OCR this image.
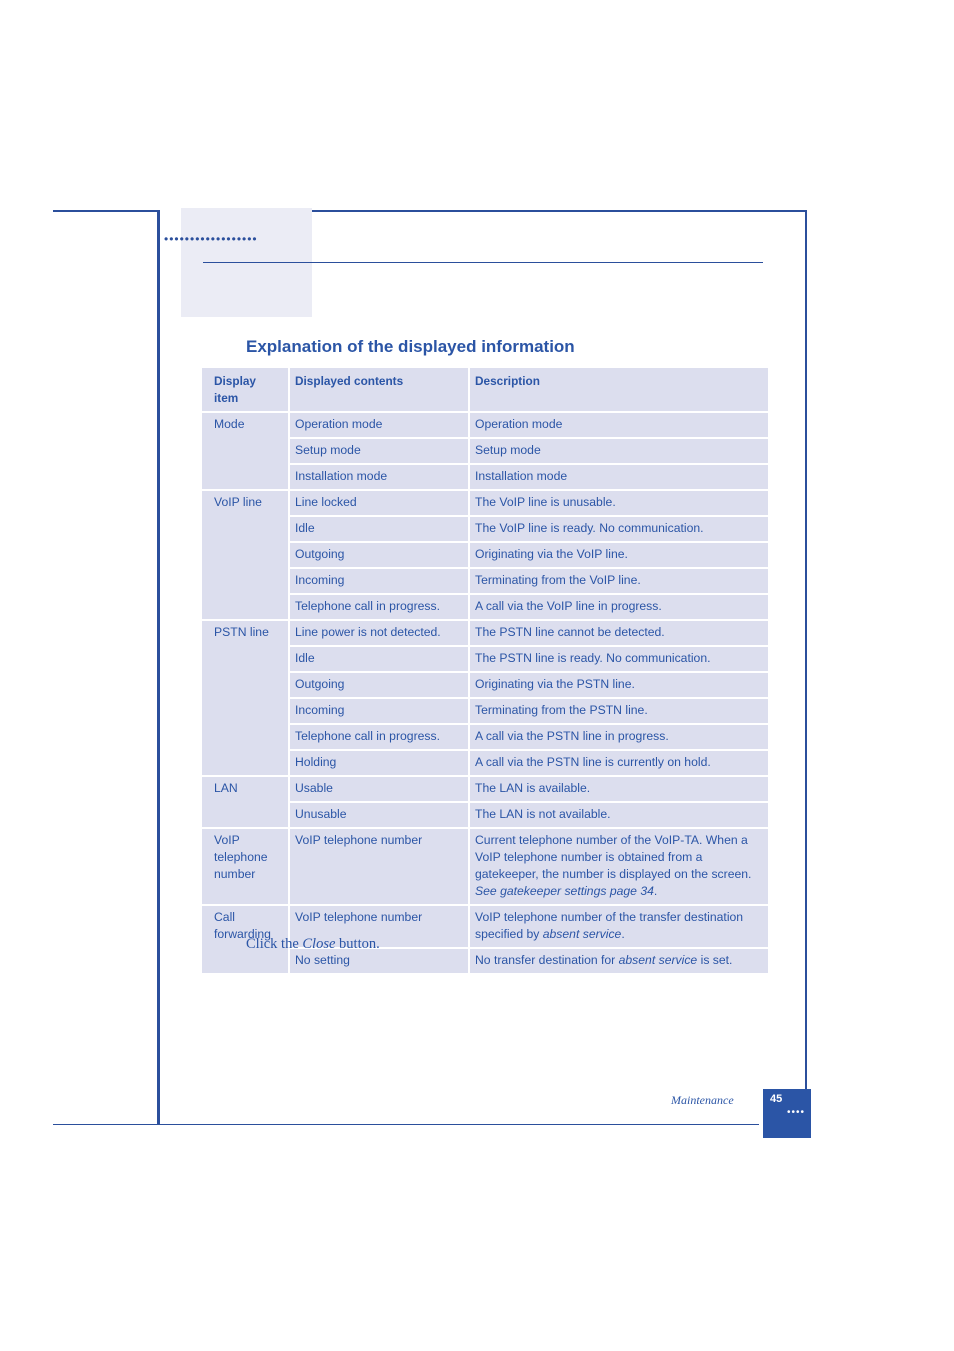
••••••••••••••••••
Explanation of the displayed information
Display item	Displayed contents	Description
Mode	Operation mode	Operation mode
	Setup mode	Setup mode
	Installation mode	Installation mode
VoIP line	Line locked	The VoIP line is unusable.
	Idle	The VoIP line is ready. No communication.
	Outgoing	Originating via the VoIP line.
	Incoming	Terminating from the VoIP line.
	Telephone call in progress.	A call via the VoIP line in progress.
PSTN line	Line power is not detected.	The PSTN line cannot be detected.
	Idle	The PSTN line is ready. No communication.
	Outgoing	Originating via the PSTN line.
	Incoming	Terminating from the PSTN line.
	Telephone call in progress.	A call via the PSTN line in progress.
	Holding	A call via the PSTN line is currently on hold.
LAN	Usable	The LAN is available.
	Unusable	The LAN is not available.
VoIP telephone number	VoIP telephone number	Current telephone number of the VoIP-TA. When a VoIP telephone number is obtained from a gatekeeper, the number is displayed on the screen. See gatekeeper settings page 34.
Call forwarding	VoIP telephone number	VoIP telephone number of the transfer destination specified by absent service.
	No setting	No transfer destination for absent service is set.
Click the Close button.
Maintenance	45
••••
